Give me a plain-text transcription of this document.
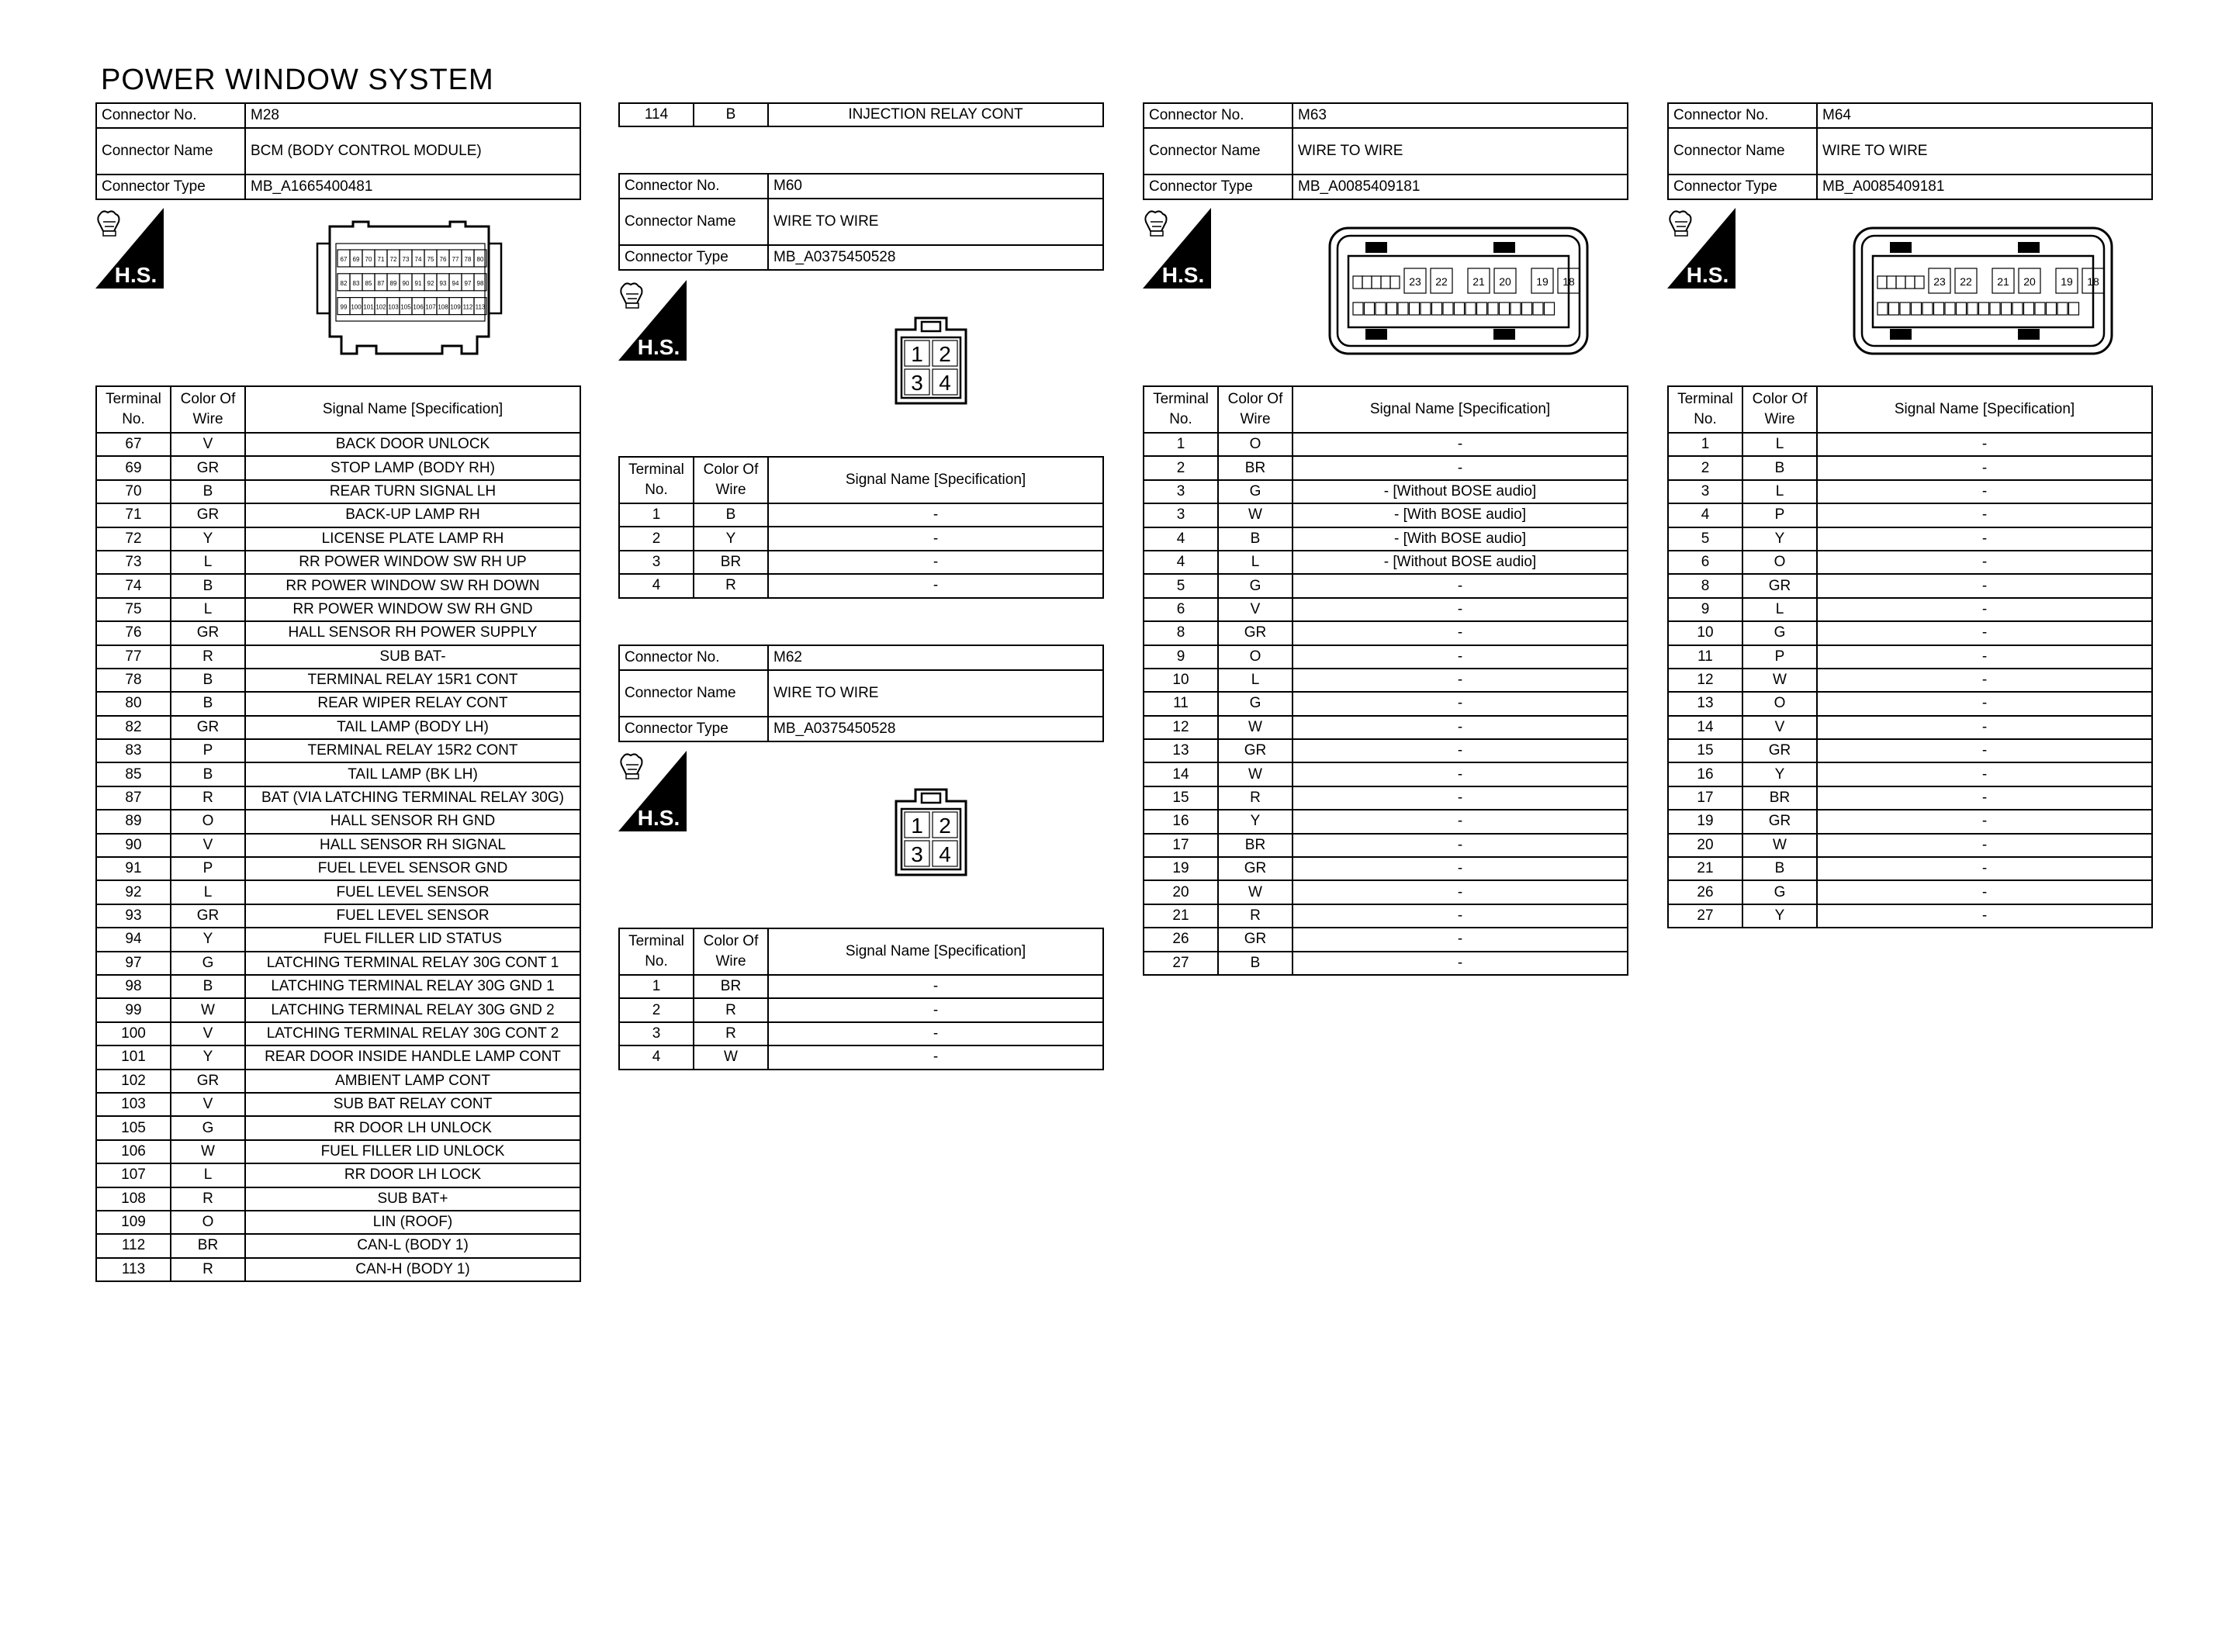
POWER WINDOW SYSTEM
Connector No.	M28
Connector Name	BCM (BODY CONTROL MODULE)
Connector Type	MB_A1665400481
H.S.
67 69 70 71 72 73 74 75 76 77 78 80
82 83 85 87 89 90 91 92 93 94 97 98
99 100 101 102 103 105 106 107 108 109 112 113
Terminal No.	Color Of Wire	Signal Name [Specification]
67	V	BACK DOOR UNLOCK
69	GR	STOP LAMP (BODY RH)
70	B	REAR TURN SIGNAL LH
71	GR	BACK-UP LAMP RH
72	Y	LICENSE PLATE LAMP RH
73	L	RR POWER WINDOW SW RH UP
74	B	RR POWER WINDOW SW RH DOWN
75	L	RR POWER WINDOW SW RH GND
76	GR	HALL SENSOR RH POWER SUPPLY
77	R	SUB BAT-
78	B	TERMINAL RELAY 15R1 CONT
80	B	REAR WIPER RELAY CONT
82	GR	TAIL LAMP (BODY LH)
83	P	TERMINAL RELAY 15R2 CONT
85	B	TAIL LAMP (BK LH)
87	R	BAT (VIA LATCHING TERMINAL RELAY 30G)
89	O	HALL SENSOR RH GND
90	V	HALL SENSOR RH SIGNAL
91	P	FUEL LEVEL SENSOR GND
92	L	FUEL LEVEL SENSOR
93	GR	FUEL LEVEL SENSOR
94	Y	FUEL FILLER LID STATUS
97	G	LATCHING TERMINAL RELAY 30G CONT 1
98	B	LATCHING TERMINAL RELAY 30G GND 1
99	W	LATCHING TERMINAL RELAY 30G GND 2
100	V	LATCHING TERMINAL RELAY 30G CONT 2
101	Y	REAR DOOR INSIDE HANDLE LAMP CONT
102	GR	AMBIENT LAMP CONT
103	V	SUB BAT RELAY CONT
105	G	RR DOOR LH UNLOCK
106	W	FUEL FILLER LID UNLOCK
107	L	RR DOOR LH LOCK
108	R	SUB BAT+
109	O	LIN (ROOF)
112	BR	CAN-L (BODY 1)
113	R	CAN-H (BODY 1)
114	B	INJECTION RELAY CONT
Connector No.	M60
Connector Name	WIRE TO WIRE
Connector Type	MB_A0375450528
H.S.	1 2
3 4
Terminal No.	Color Of Wire	Signal Name [Specification]
1	B	-
2	Y	-
3	BR	-
4	R	-
Connector No.	M62
Connector Name	WIRE TO WIRE
Connector Type	MB_A0375450528
H.S.	1 2
3 4
Terminal No.	Color Of Wire	Signal Name [Specification]
1	BR	-
2	R	-
3	R	-
4	W	-
Connector No.	M63
Connector Name	WIRE TO WIRE
Connector Type	MB_A0085409181
H.S.	23 22 21 20 19 18
Terminal No.	Color Of Wire	Signal Name [Specification]
1	O	-
2	BR	-
3	G	- [Without BOSE audio]
3	W	- [With BOSE audio]
4	B	- [With BOSE audio]
4	L	- [Without BOSE audio]
5	G	-
6	V	-
8	GR	-
9	O	-
10	L	-
11	G	-
12	W	-
13	GR	-
14	W	-
15	R	-
16	Y	-
17	BR	-
19	GR	-
20	W	-
21	R	-
26	GR	-
27	B	-
Connector No.	M64
Connector Name	WIRE TO WIRE
Connector Type	MB_A0085409181
H.S.	23 22 21 20 19 18
Terminal No.	Color Of Wire	Signal Name [Specification]
1	L	-
2	B	-
3	L	-
4	P	-
5	Y	-
6	O	-
8	GR	-
9	L	-
10	G	-
11	P	-
12	W	-
13	O	-
14	V	-
15	GR	-
16	Y	-
17	BR	-
19	GR	-
20	W	-
21	B	-
26	G	-
27	Y	-
